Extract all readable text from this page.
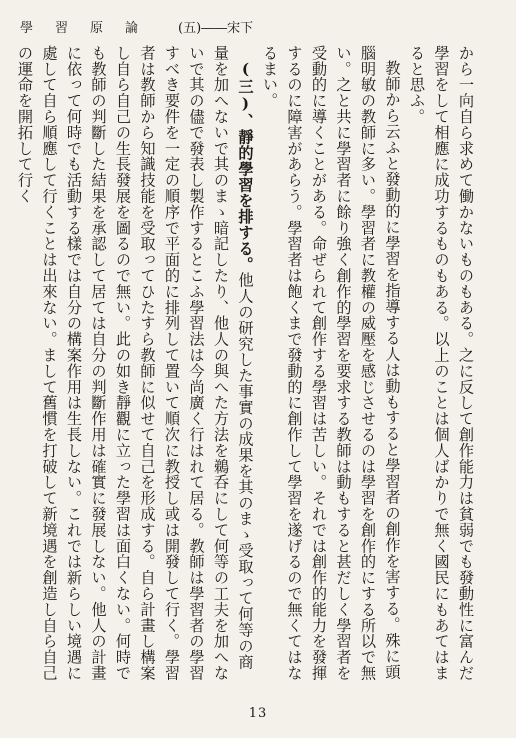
學習原論 (五)――宋下

から一向自ら求めて働かないものもある。之に反して創作能力は貧弱でも發動性に富んだ學習をして相應に成功するものもある。以上のことは個人ばかりで無く國民にもあてはまると思ふ。

教師から云ふと發動的に學習を指導する人は動もすると學習者の創作を害する。殊に頭腦明敏の教師に多い。學習者に教權の威壓を感じさせるのは學習を創作的にする所以で無い。之と共に學習者に餘り強く創作的學習を要求する教師は動もすると甚だしく學習者を受動的に導くことがある。命ぜられて創作する學習は苦しい。それでは創作的能力を發揮するのに障害があらう。學習者は飽くまで發動的に創作して學習を遂げるので無くてはなるまい。

(三)、靜的學習を排する。他人の研究した事實の成果を其のまゝ受取って何等の商量を加へないで其のまゝ暗記したり、他人の與へた方法を鵜呑にして何等の工夫を加へないで其の儘で發表し製作するとこふ學習法は今尚廣く行はれて居る。教師は學習者の學習すべき要件を一定の順序で平面的に排列して置いて順次に教授し或は開發して行く。學習者は教師から知識技能を受取ってひたすら教師に似せて自己を形成する。自ら計畫し構案し自ら自己の生長發展を圖るので無い。此の如き靜觀に立った學習は面白くない。何時でも教師の判斷した結果を承認して居ては自分の判斷作用は確實に發展しない。他人の計畫に依って何時でも活動する樣では自分の構案作用は生長しない。これでは新らしい境遇に處して自ら順應して行くことは出來ない。まして舊慣を打破して新境遇を創造し自ら自己の運命を開拓して行く

13
